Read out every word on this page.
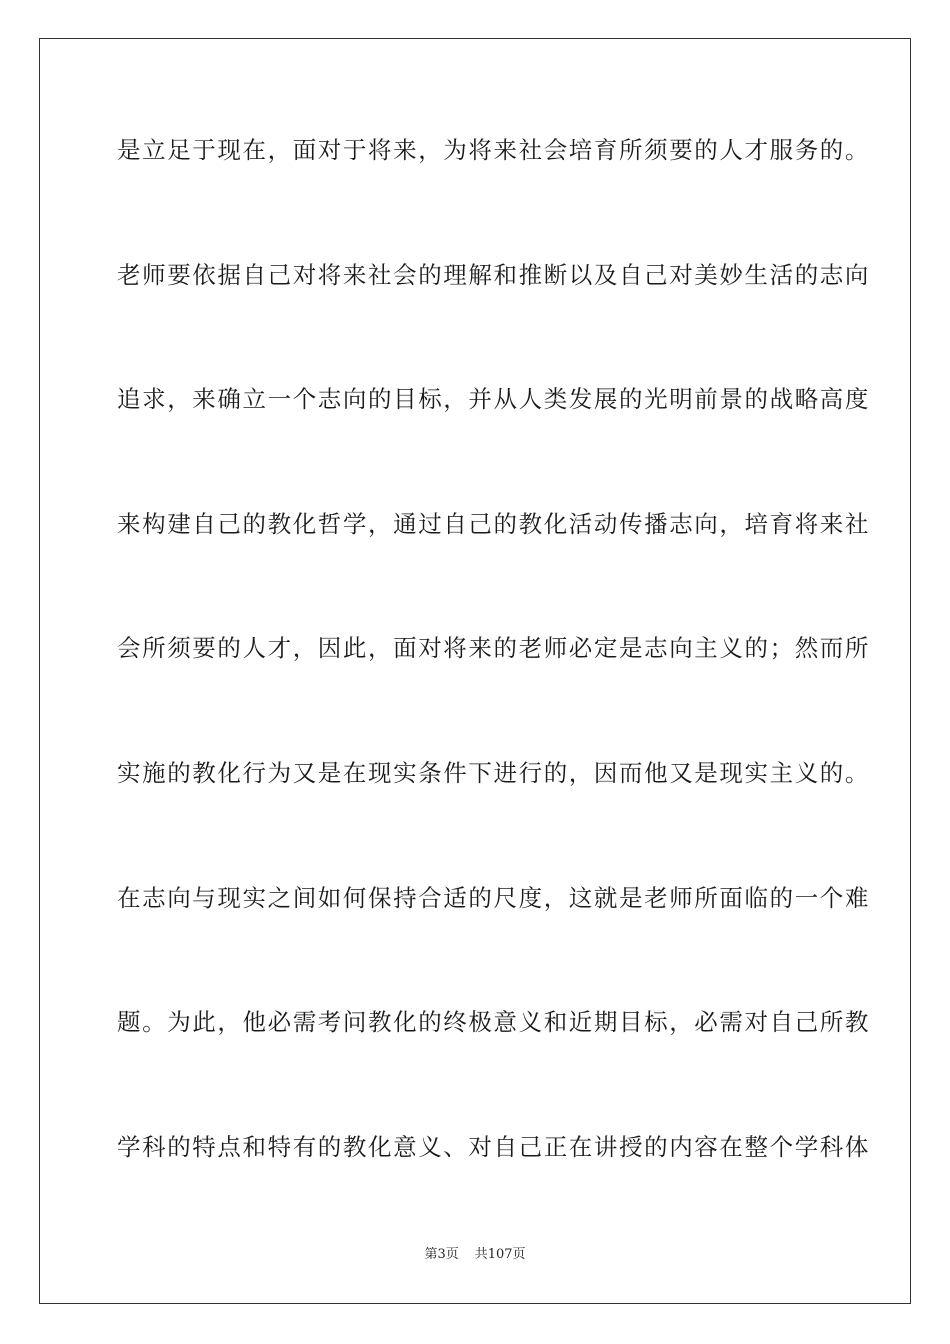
是立足于现在，面对于将来，为将来社会培育所须要的人才服务的。
老师要依据自己对将来社会的理解和推断以及自己对美妙生活的志向
追求，来确立一个志向的目标，并从人类发展的光明前景的战略高度
来构建自己的教化哲学，通过自己的教化活动传播志向，培育将来社
会所须要的人才，因此，面对将来的老师必定是志向主义的；然而所
实施的教化行为又是在现实条件下进行的，因而他又是现实主义的。
在志向与现实之间如何保持合适的尺度，这就是老师所面临的一个难
题。为此，他必需考问教化的终极意义和近期目标，必需对自己所教
学科的特点和特有的教化意义、对自己正在讲授的内容在整个学科体
第3页 共107页
